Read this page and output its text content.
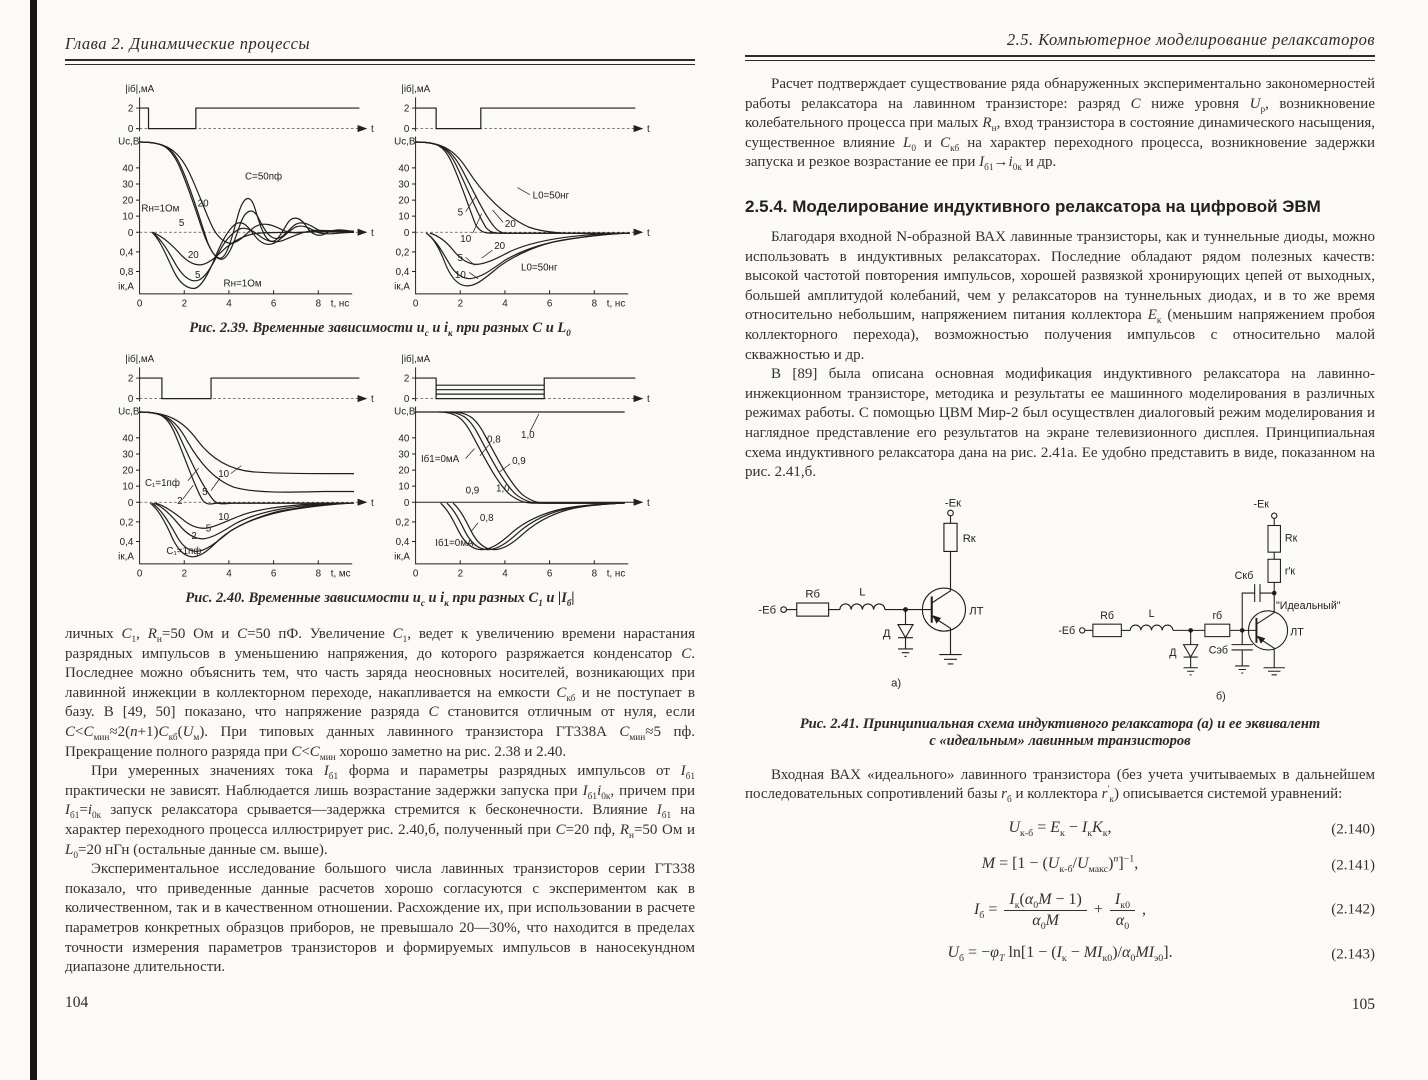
Глава 2. Динамические процессы
|iб|,мА
2
0	t
Uc,B
40
30
20
10
0
0,4
0,8
iк,A
t
0	2	4	6	8 t, нс
C=50пф
20
5
Rн=1Ом
20
5
Rн=1Ом
|iб|,мА
2
0	t
Uc,B
40
30
20
10
0
0,2
0,4
iк,A
t
0	2	4	6	8 t, нс
5
10
20
L0=50нг
20
5
10
L0=50нг
Рис. 2.39. Временные зависимости $u_с$ и $i_к$ при разных С и $L_0$
|iб|,мА
2
0	t
Uc,B
40
30
20
10
0
0,2
0,4
iк,A
t
0	2	4	6	8 t, мс
C₁=1пф
2
5
10
10
5
2
C₁=1пф
|iб|,мА
2
0	t
Uc,B
40
30
20
10
0
0,2
0,4
iк,A
t
0	2	4	6	8 t, нс
0,8
0,9
Iб1=0мА
1,0
0,9 1,0
0,8
Iб1=0мА
Рис. 2.40. Временные зависимости $u_с$ и $i_к$ при разных $C_1$ и $|I_б|$
личных $C_1$, $R_н=50$ Ом и C=50 пФ. Увеличение $C_1$, ведет к увеличению времени нарастания разрядных импульсов в уменьшению напряжения, до которого разряжается конденсатор C. Последнее можно объяснить тем, что часть заряда неосновных носителей, возникающих при лавинной инжекции в коллекторном переходе, накапливается на емкости $C_{кб}$ и не поступает в базу. В [49, 50] показано, что напряжение разряда C становится отличным от нуля, если $C<C_{мин}\approx 2(n+1)C_{кб}(U_м)$. При типовых данных лавинного транзистора ГТ338А $C_{мин}\approx 5$ пф. Прекращение полного разряда при $C<C_{мин}$ хорошо заметно на рис. 2.38 и 2.40.
При умеренных значениях тока $I_{б1}$ форма и параметры разрядных импульсов от $I_{б1}$ практически не зависят. Наблюдается лишь возрастание задержки запуска при $I_{б1}i_{0к}$, причем при $I_{б1}=i_{0к}$ запуск релаксатора срывается—задержка стремится к бесконечности. Влияние $I_{б1}$ на характер переходного процесса иллюстрирует рис. 2.40,б, полученный при C=20 пф, $R_н=50$ Ом и $L_0=20$ нГн (остальные данные см. выше).
Экспериментальное исследование большого числа лавинных транзисторов серии ГТ338 показало, что приведенные данные расчетов хорошо согласуются с экспериментом как в количественном, так и в качественном отношении. Расхождение их, при использовании в расчете параметров конкретных образцов приборов, не превышало 20—30%, что находится в пределах точности измерения параметров транзисторов и формируемых импульсов в наносекундном диапазоне длительности.
104
2.5. Компьютерное моделирование релаксаторов
Расчет подтверждает существование ряда обнаруженных экспериментально закономерностей работы релаксатора на лавинном транзисторе: разряд С ниже уровня $U_р$, возникновение колебательного процесса при малых $R_н$, вход транзистора в состояние динамического насыщения, существенное влияние $L_0$ и $C_{кб}$ на характер переходного процесса, возникновение задержки запуска и резкое возрастание ее при $I_{б1}\to i_{0к}$ и др.
2.5.4. Моделирование индуктивного релаксатора на цифровой ЭВМ
Благодаря входной N-образной ВАХ лавинные транзисторы, как и туннельные диоды, можно использовать в индуктивных релаксаторах. Последние обладают рядом полезных качеств: высокой частотой повторения импульсов, хорошей развязкой хронирующих цепей от выходных, большей амплитудой колебаний, чем у релаксаторов на туннельных диодах, и в то же время относительно небольшим, напряжением питания коллектора $E_к$ (меньшим напряжением пробоя коллекторного перехода), возможностью получения импульсов с относительно малой скважностью и др.
В [89] была описана основная модификация индуктивного релаксатора на лавинно-инжекционном транзисторе, методика и результаты ее машинного моделирования в различных режимах работы. С помощью ЦВМ Мир-2 был осуществлен диалоговый режим моделирования и наглядное представление его результатов на экране телевизионного дисплея. Принципиальная схема индуктивного релаксатора дана на рис. 2.41а. Ее удобно представить в виде, показанном на рис. 2.41,б.
-Eб
Rб	L
Д
ЛТ
Rк
-Eк
а)
-Eб
Rб	L
Д
rб
Cэб
Cкб
"Идеальный"
ЛТ
r′к
Rк
-Eк
б)
Рис. 2.41. Принципиальная схема индуктивного релаксатора (а) и ее эквивалент
с «идеальным» лавинным транзисторов
Входная ВАХ «идеального» лавинного транзистора (без учета учитываемых в дальнейшем последовательных сопротивлений базы $r_б$ и коллектора $r'_к$) описывается системой уравнений:
$U_{к-б} = E_к - I_кK_к$,	(2.140)
$M = [1 - (U_{к-б}/U_{макс})^n]^{-1}$,	(2.141)
$I_б = \frac{I_к(\alpha_0M - 1)}{\alpha_0M} + \frac{I_{к0}}{\alpha_0}$ ,	(2.142)
$U_б = -\varphi_T$ $\ln[1 - (I_к - MI_{к0})/\alpha_0MI_{э0}]$.	(2.143)
105
